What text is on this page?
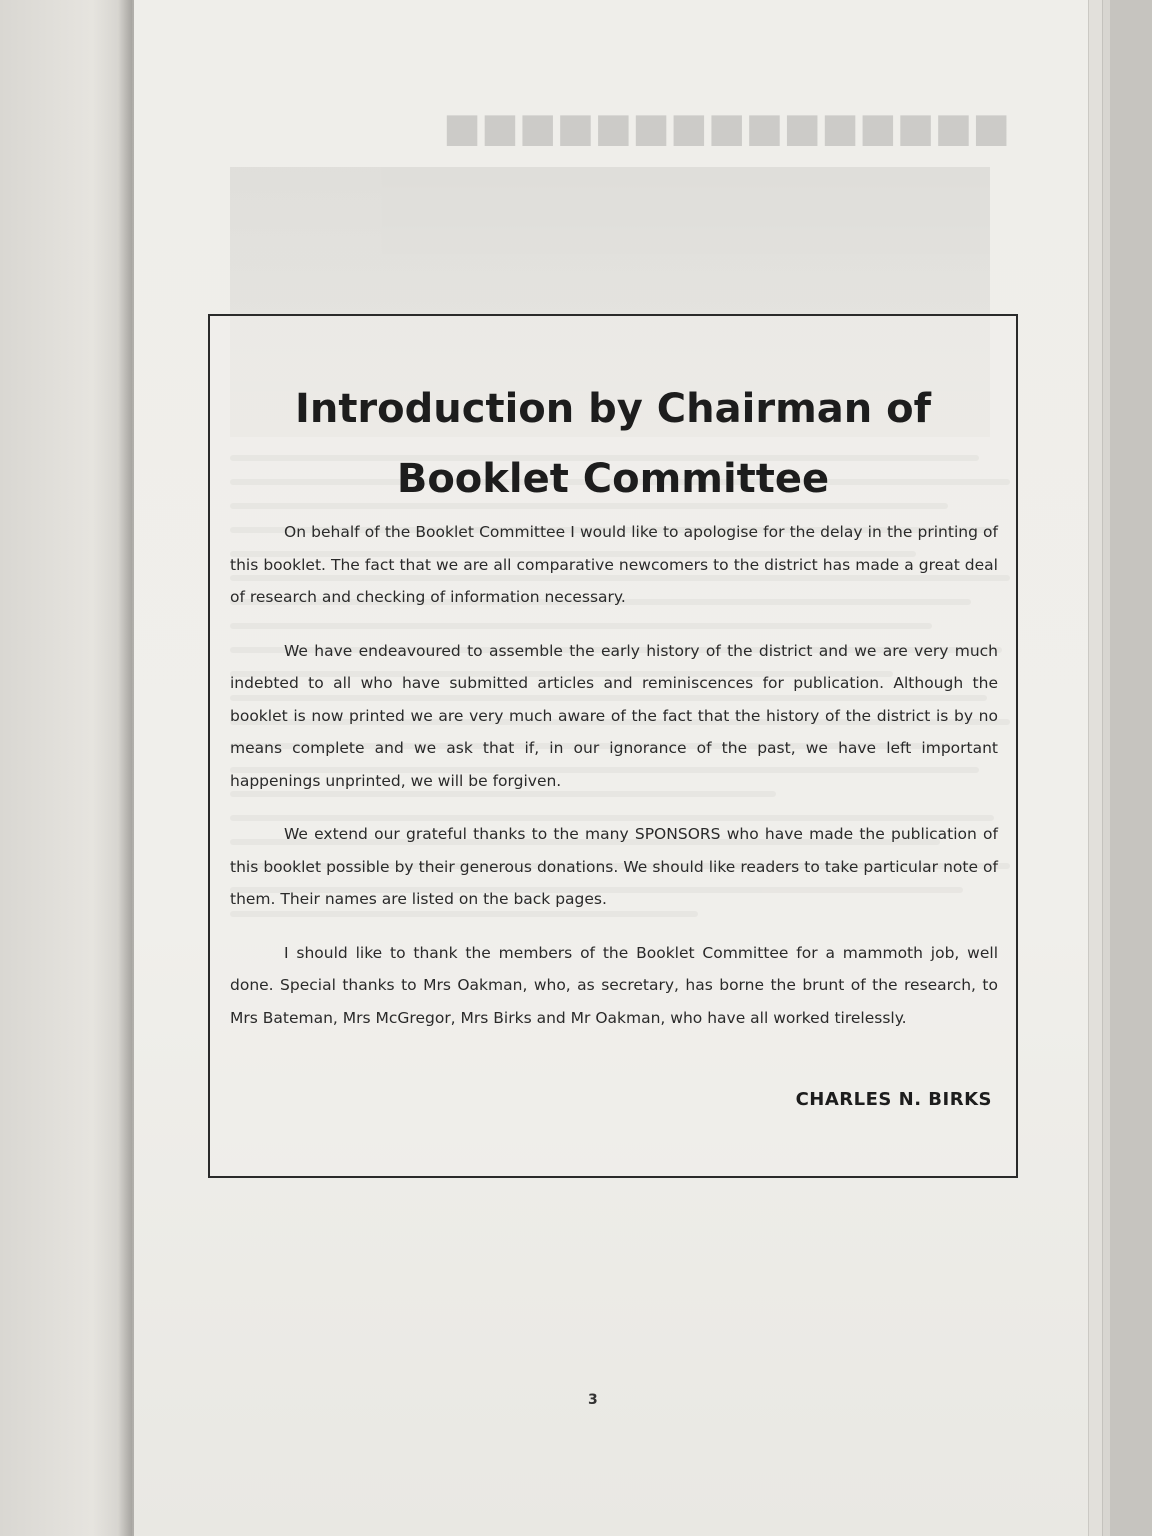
■■■■■■■■■■■■■■■
Introduction by Chairman of
Booklet Committee

On behalf of the Booklet Committee I would like to apologise for the delay in the printing of this booklet. The fact that we are all comparative newcomers to the district has made a great deal of research and checking of information necessary.

We have endeavoured to assemble the early history of the district and we are very much indebted to all who have submitted articles and reminiscences for publication. Although the booklet is now printed we are very much aware of the fact that the history of the district is by no means complete and we ask that if, in our ignorance of the past, we have left important happenings unprinted, we will be forgiven.

We extend our grateful thanks to the many SPONSORS who have made the publication of this booklet possible by their generous donations. We should like readers to take particular note of them. Their names are listed on the back pages.

I should like to thank the members of the Booklet Committee for a mammoth job, well done. Special thanks to Mrs Oakman, who, as secretary, has borne the brunt of the research, to Mrs Bateman, Mrs McGregor, Mrs Birks and Mr Oakman, who have all worked tirelessly.

CHARLES N. BIRKS
3
